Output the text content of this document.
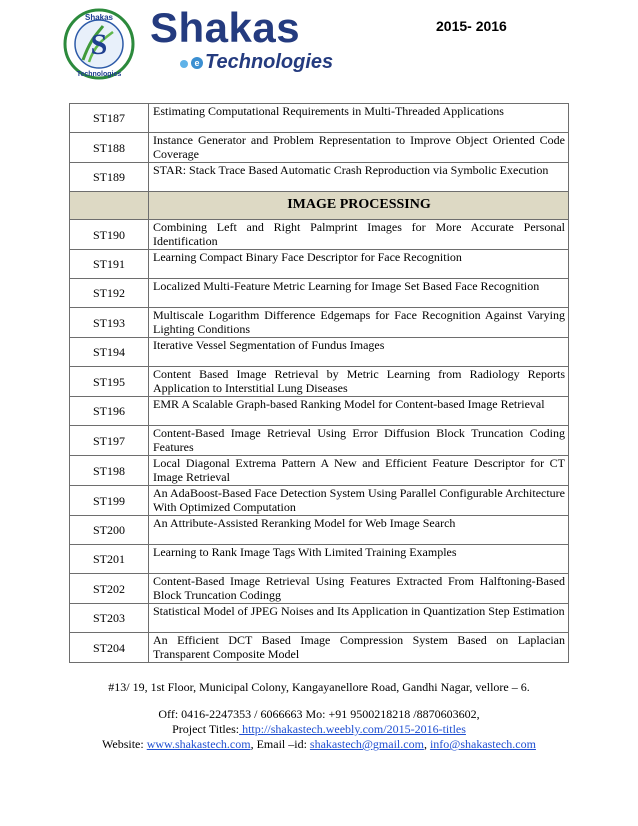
S
Shakas
Technologies
Shakas
e Technologies
2015- 2016
ST187	Estimating Computational Requirements in Multi-Threaded Applications
ST188	Instance Generator and Problem Representation to Improve Object Oriented Code Coverage
ST189	STAR: Stack Trace Based Automatic Crash Reproduction via Symbolic Execution
	IMAGE PROCESSING
ST190	Combining Left and Right Palmprint Images for More Accurate Personal Identification
ST191	Learning Compact Binary Face Descriptor for Face Recognition
ST192	Localized Multi-Feature Metric Learning for Image Set Based Face Recognition
ST193	Multiscale Logarithm Difference Edgemaps for Face Recognition Against Varying Lighting Conditions
ST194	Iterative Vessel Segmentation of Fundus Images
ST195	Content Based Image Retrieval by Metric Learning from Radiology Reports Application to Interstitial Lung Diseases
ST196	EMR A Scalable Graph-based Ranking Model for Content-based Image Retrieval
ST197	Content-Based Image Retrieval Using Error Diffusion Block Truncation Coding Features
ST198	Local Diagonal Extrema Pattern A New and Efficient Feature Descriptor for CT Image Retrieval
ST199	An AdaBoost-Based Face Detection System Using Parallel Configurable Architecture With Optimized Computation
ST200	An Attribute-Assisted Reranking Model for Web Image Search
ST201	Learning to Rank Image Tags With Limited Training Examples
ST202	Content-Based Image Retrieval Using Features Extracted From Halftoning-Based Block Truncation Codingg
ST203	Statistical Model of JPEG Noises and Its Application in Quantization Step Estimation
ST204	An Efficient DCT Based Image Compression System Based on Laplacian Transparent Composite Model
#13/ 19, 1st Floor, Municipal Colony, Kangayanellore Road, Gandhi Nagar, vellore – 6.
Off: 0416-2247353 / 6066663 Mo: +91 9500218218 /8870603602,
Project Titles: http://shakastech.weebly.com/2015-2016-titles
Website: www.shakastech.com, Email –id: shakastech@gmail.com, info@shakastech.com
